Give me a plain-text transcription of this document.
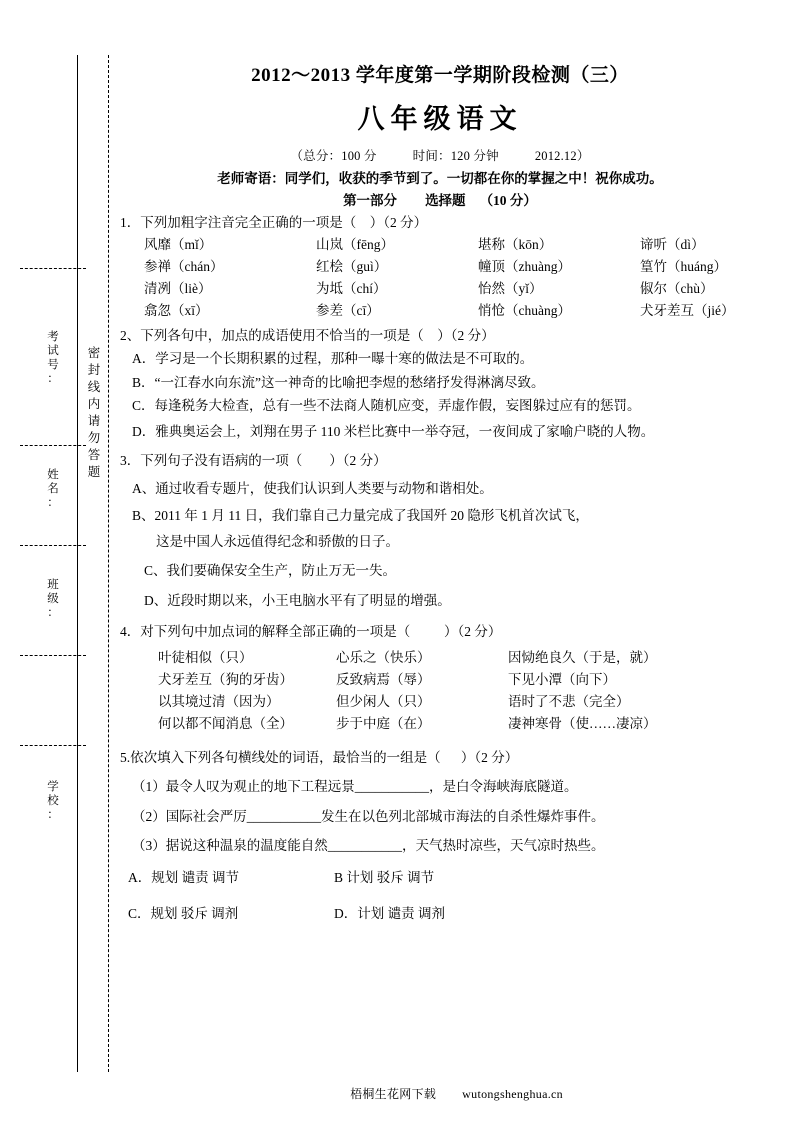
考
试
号
：
姓
名
：
班
级
：
学
校
：
密
封
线
内
请
勿
答
题
2012～2013 学年度第一学期阶段检测（三）
八年级语文
（总分：100 分	时间：120 分钟	2012.12）
老师寄语：同学们，收获的季节到了。一切都在你的掌握之中！祝你成功。
第一部分 选择题 （10 分）
1．下列加粗字注音完全正确的一项是（    ）（2 分）
风靡（mǐ）	山岚（fēng）	堪称（kōn）	谛听（dì）
参禅（chán）	红桧（guì）	幢顶（zhuàng）	篁竹（huáng）
清冽（liè）	为坻（chí）	怡然（yǐ）	俶尔（chù）
翕忽（xī）	参差（cī）	悄怆（chuàng）	犬牙差互（jié）
2、下列各句中，加点的成语使用不恰当的一项是（    ）（2 分）
A．学习是一个长期积累的过程，那种一曝十寒的做法是不可取的。
B．“一江春水向东流”这一神奇的比喻把李煜的愁绪抒发得淋漓尽致。
C．每逢税务大检查，总有一些不法商人随机应变，弄虚作假，妄图躲过应有的惩罚。
D．雅典奥运会上，刘翔在男子 110 米栏比赛中一举夺冠，一夜间成了家喻户晓的人物。
3．下列句子没有语病的一项（        ）（2 分）
A、通过收看专题片，使我们认识到人类要与动物和谐相处。
B、2011 年 1 月 11 日，我们靠自己力量完成了我国歼 20 隐形飞机首次试飞，
这是中国人永远值得纪念和骄傲的日子。
C、我们要确保安全生产，防止万无一失。
D、近段时期以来，小王电脑水平有了明显的增强。
4．对下列句中加点词的解释全部正确的一项是（          ）（2 分）
叶徒相似（只）	心乐之（快乐）	因恸绝良久（于是，就）
犬牙差互（狗的牙齿）	反致病焉（辱）	下见小潭（向下）
以其境过清（因为）	但少闲人（只）	语时了不悲（完全）
何以都不闻消息（全）	步于中庭（在）	凄神寒骨（使……凄凉）
5.依次填入下列各句横线处的词语，最恰当的一组是（      ）（2 分）
（1）最令人叹为观止的地下工程远景___________，是白令海峡海底隧道。
（2）国际社会严厉___________发生在以色列北部城市海法的自杀性爆炸事件。
（3）据说这种温泉的温度能自然___________，天气热时凉些，天气凉时热些。
A．规划 谴责 调节	B 计划 驳斥 调节
C．规划 驳斥 调剂	D．计划 谴责 调剂
梧桐生花网下载 wutongshenghua.cn
